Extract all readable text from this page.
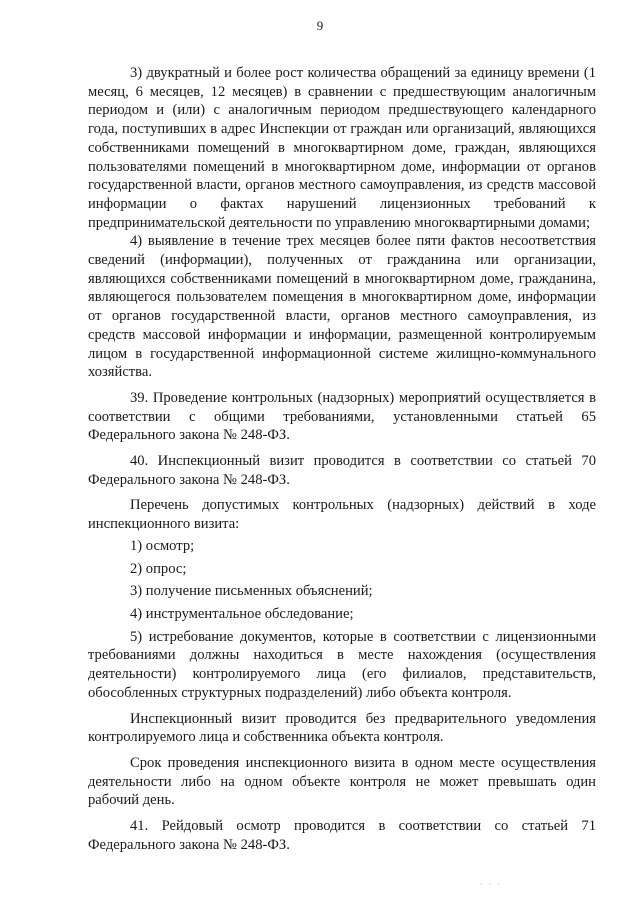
9

3) двукратный и более рост количества обращений за единицу времени (1 месяц, 6 месяцев, 12 месяцев) в сравнении с предшествующим аналогичным периодом и (или) с аналогичным периодом предшествующего календарного года, поступивших в адрес Инспекции от граждан или организаций, являющихся собственниками помещений в многоквартирном доме, граждан, являющихся пользователями помещений в многоквартирном доме, информации от органов государственной власти, органов местного самоуправления, из средств массовой информации о фактах нарушений лицензионных требований к предпринимательской деятельности по управлению многоквартирными домами;

4) выявление в течение трех месяцев более пяти фактов несоответствия сведений (информации), полученных от гражданина или организации, являющихся собственниками помещений в многоквартирном доме, гражданина, являющегося пользователем помещения в многоквартирном доме, информации от органов государственной власти, органов местного самоуправления, из средств массовой информации и информации, размещенной контролируемым лицом в государственной информационной системе жилищно-коммунального хозяйства.

39. Проведение контрольных (надзорных) мероприятий осуществляется в соответствии с общими требованиями, установленными статьей 65 Федерального закона № 248-ФЗ.

40. Инспекционный визит проводится в соответствии со статьей 70 Федерального закона № 248-ФЗ.

Перечень допустимых контрольных (надзорных) действий в ходе инспекционного визита:

1) осмотр;

2) опрос;

3) получение письменных объяснений;

4) инструментальное обследование;

5) истребование документов, которые в соответствии с лицензионными требованиями должны находиться в месте нахождения (осуществления деятельности) контролируемого лица (его филиалов, представительств, обособленных структурных подразделений) либо объекта контроля.

Инспекционный визит проводится без предварительного уведомления контролируемого лица и собственника объекта контроля.

Срок проведения инспекционного визита в одном месте осуществления деятельности либо на одном объекте контроля не может превышать один рабочий день.

41. Рейдовый осмотр проводится в соответствии со статьей 71 Федерального закона № 248-ФЗ.

· · ·
